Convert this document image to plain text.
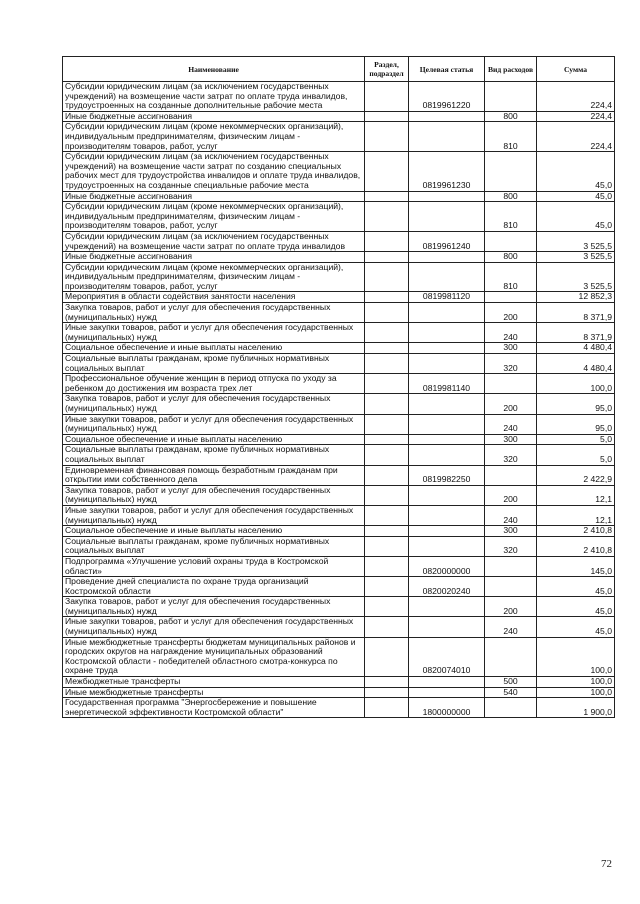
Наименование	Раздел, подраздел	Целевая статья	Вид расходов	Сумма
Субсидии юридическим лицам (за исключением государственных учреждений) на возмещение части затрат по оплате труда инвалидов, трудоустроенных на созданные дополнительные рабочие места		0819961220		224,4
Иные бюджетные ассигнования			800	224,4
Субсидии юридическим лицам (кроме некоммерческих организаций), индивидуальным предпринимателям, физическим лицам - производителям товаров, работ, услуг			810	224,4
Субсидии юридическим лицам (за исключением государственных учреждений) на возмещение части затрат по созданию специальных рабочих мест для трудоустройства инвалидов и оплате труда инвалидов, трудоустроенных на созданные специальные рабочие места		0819961230		45,0
Иные бюджетные ассигнования			800	45,0
Субсидии юридическим лицам (кроме некоммерческих организаций), индивидуальным предпринимателям, физическим лицам - производителям товаров, работ, услуг			810	45,0
Субсидии юридическим лицам (за исключением государственных учреждений) на возмещение части затрат по оплате труда инвалидов		0819961240		3 525,5
Иные бюджетные ассигнования			800	3 525,5
Субсидии юридическим лицам (кроме некоммерческих организаций), индивидуальным предпринимателям, физическим лицам - производителям товаров, работ, услуг			810	3 525,5
Мероприятия в области содействия занятости населения		0819981120		12 852,3
Закупка товаров, работ и услуг для обеспечения государственных (муниципальных) нужд			200	8 371,9
Иные закупки товаров, работ и услуг для обеспечения государственных (муниципальных) нужд			240	8 371,9
Социальное обеспечение и иные выплаты населению			300	4 480,4
Социальные выплаты гражданам, кроме публичных нормативных социальных выплат			320	4 480,4
Профессиональное обучение женщин в период отпуска по уходу за ребенком до достижения им возраста трех лет		0819981140		100,0
Закупка товаров, работ и услуг для обеспечения государственных (муниципальных) нужд			200	95,0
Иные закупки товаров, работ и услуг для обеспечения государственных (муниципальных) нужд			240	95,0
Социальное обеспечение и иные выплаты населению			300	5,0
Социальные выплаты гражданам, кроме публичных нормативных социальных выплат			320	5,0
Единовременная финансовая помощь безработным гражданам при открытии ими собственного дела		0819982250		2 422,9
Закупка товаров, работ и услуг для обеспечения государственных (муниципальных) нужд			200	12,1
Иные закупки товаров, работ и услуг для обеспечения государственных (муниципальных) нужд			240	12,1
Социальное обеспечение и иные выплаты населению			300	2 410,8
Социальные выплаты гражданам, кроме публичных нормативных социальных выплат			320	2 410,8
Подпрограмма «Улучшение условий охраны труда в Костромской области»		0820000000		145,0
Проведение дней специалиста по охране труда организаций Костромской области		0820020240		45,0
Закупка товаров, работ и услуг для обеспечения государственных (муниципальных) нужд			200	45,0
Иные закупки товаров, работ и услуг для обеспечения государственных (муниципальных) нужд			240	45,0
Иные межбюджетные трансферты бюджетам муниципальных районов и городских округов на награждение муниципальных образований Костромской области - победителей областного смотра-конкурса по охране труда		0820074010		100,0
Межбюджетные трансферты			500	100,0
Иные межбюджетные трансферты			540	100,0
Государственная программа "Энергосбережение и повышение энергетической эффективности Костромской области"		1800000000		1 900,0
72
